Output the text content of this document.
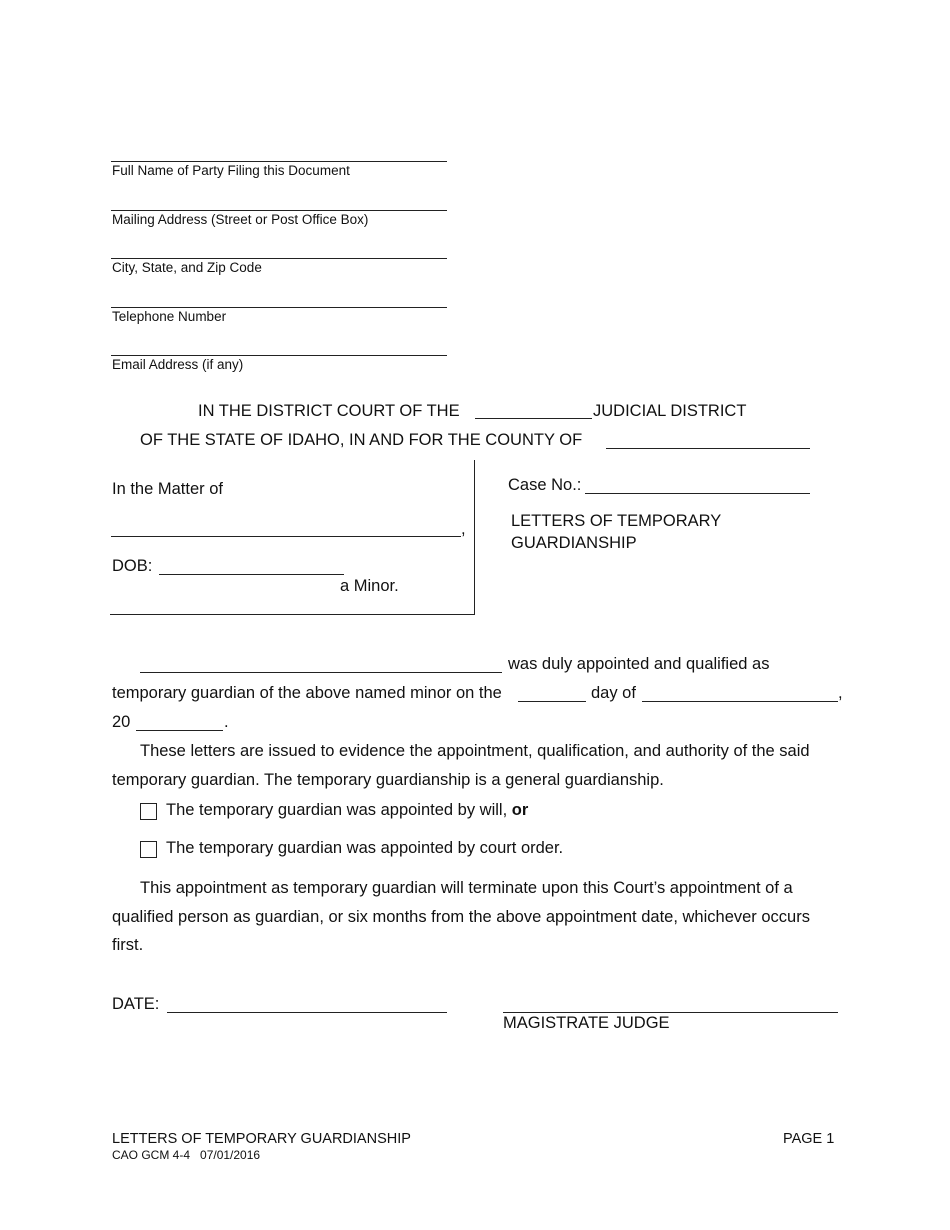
Full Name of Party Filing this Document
Mailing Address (Street or Post Office Box)
City, State, and Zip Code
Telephone Number
Email Address (if any)
IN THE DISTRICT COURT OF THE	JUDICIAL DISTRICT
OF THE STATE OF IDAHO, IN AND FOR THE COUNTY OF
In the Matter of
,
DOB:
a Minor.
Case No.:
LETTERS OF TEMPORARY
GUARDIANSHIP
was duly appointed and qualified as
temporary guardian of the above named minor on the	day of	,
20	.
These letters are issued to evidence the appointment, qualification, and authority of the said
temporary guardian. The temporary guardianship is a general guardianship.
The temporary guardian was appointed by will, or
The temporary guardian was appointed by court order.
This appointment as temporary guardian will terminate upon this Court’s appointment of a
qualified person as guardian, or six months from the above appointment date, whichever occurs
first.
DATE:
MAGISTRATE JUDGE
LETTERS OF TEMPORARY GUARDIANSHIP
CAO GCM 4-4   07/01/2016
PAGE 1
